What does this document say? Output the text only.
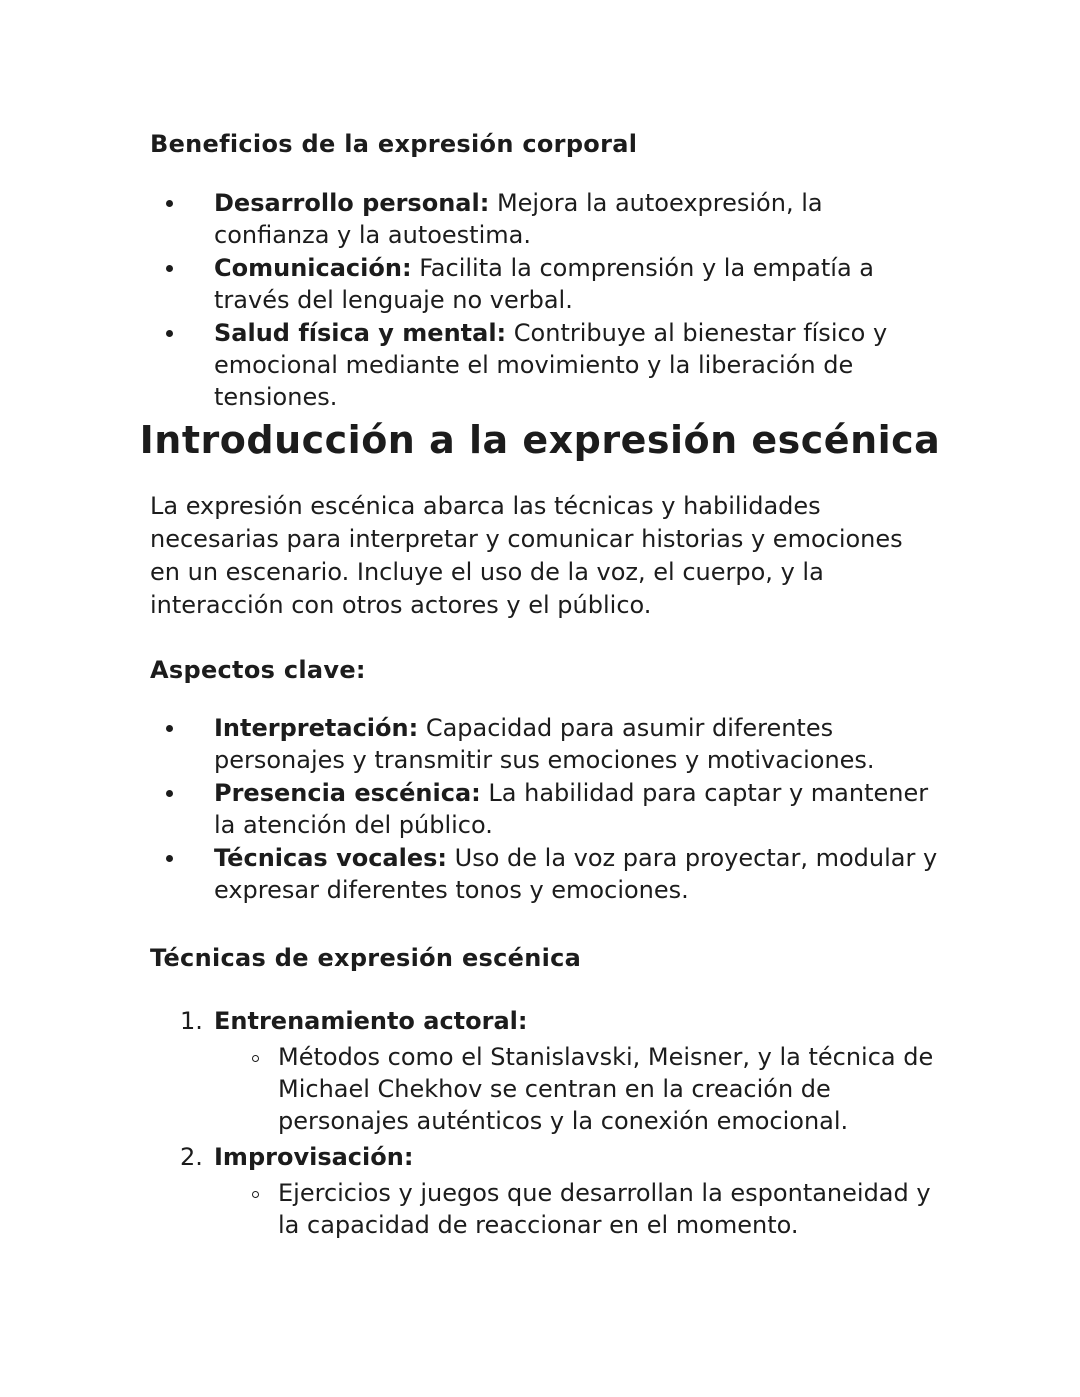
Beneficios de la expresión corporal
Desarrollo personal: Mejora la autoexpresión, la confianza y la autoestima.
Comunicación: Facilita la comprensión y la empatía a través del lenguaje no verbal.
Salud física y mental: Contribuye al bienestar físico y emocional mediante el movimiento y la liberación de tensiones.
Introducción a la expresión escénica

La expresión escénica abarca las técnicas y habilidades necesarias para interpretar y comunicar historias y emociones en un escenario. Incluye el uso de la voz, el cuerpo, y la interacción con otros actores y el público.

Aspectos clave:
Interpretación: Capacidad para asumir diferentes personajes y transmitir sus emociones y motivaciones.
Presencia escénica: La habilidad para captar y mantener la atención del público.
Técnicas vocales: Uso de la voz para proyectar, modular y expresar diferentes tonos y emociones.
Técnicas de expresión escénica
1. Entrenamiento actoral:
Métodos como el Stanislavski, Meisner, y la técnica de Michael Chekhov se centran en la creación de personajes auténticos y la conexión emocional.
2. Improvisación:
Ejercicios y juegos que desarrollan la espontaneidad y la capacidad de reaccionar en el momento.
